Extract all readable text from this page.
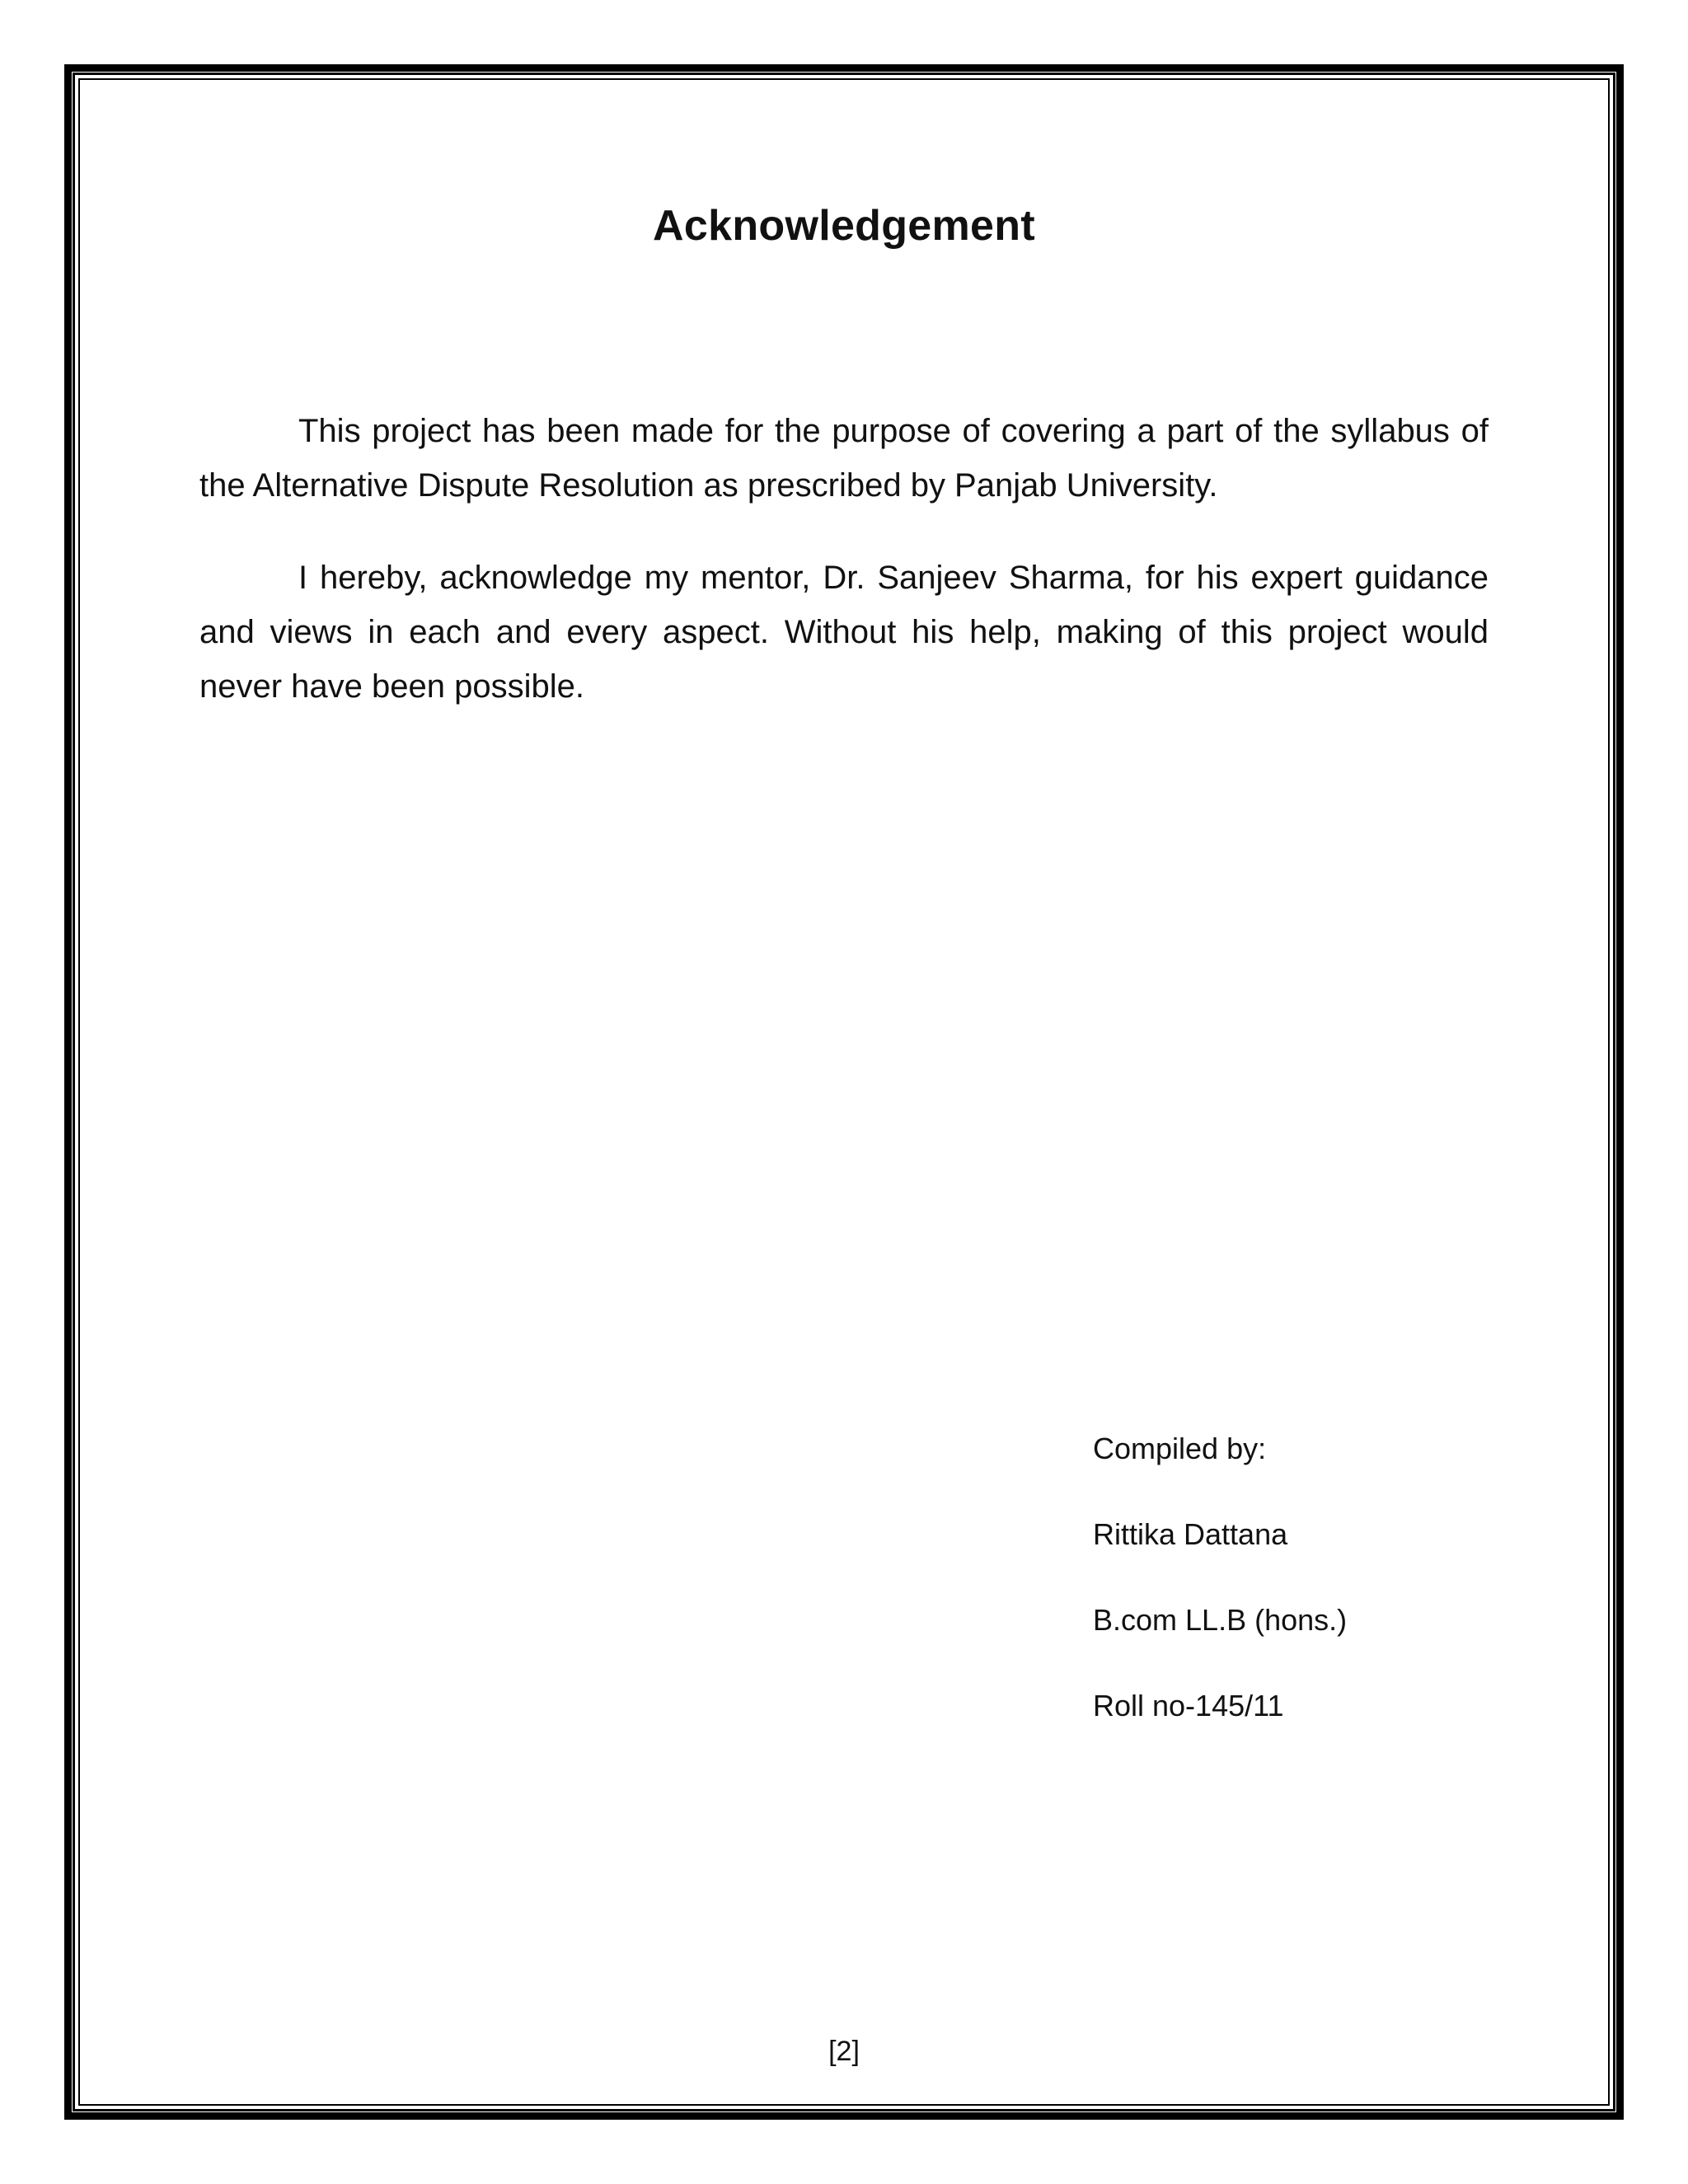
Acknowledgement

This project has been made for the purpose of covering a part of the syllabus of the Alternative Dispute Resolution as prescribed by Panjab University.

I hereby, acknowledge my mentor, Dr. Sanjeev Sharma, for his expert guidance and views in each and every aspect. Without his help, making of this project would never have been possible.

Compiled by:
Rittika Dattana
B.com LL.B (hons.)
Roll no-145/11
[2]
